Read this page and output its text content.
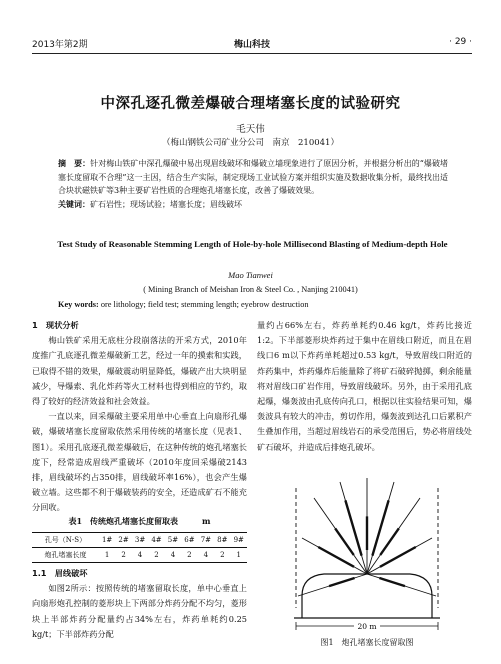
2013年第2期	梅山科技	· 29 ·
中深孔逐孔微差爆破合理堵塞长度的试验研究
毛天伟
（梅山钢铁公司矿业分公司　南京　210041）
摘　要：针对梅山铁矿中深孔爆破中易出现眉线破坏和爆破立墙现象进行了原因分析，并根据分析出的“爆破堵塞长度留取不合理”这一主因，结合生产实际，制定现场工业试验方案并组织实施及数据收集分析，最终找出适合块状磁铁矿等3种主要矿岩性质的合理炮孔堵塞长度，改善了爆破效果。
关键词：矿石岩性；现场试验；堵塞长度；眉线破坏
Test Study of Reasonable Stemming Length of Hole-by-hole Millisecond Blasting of Medium-depth Hole
Mao Tianwei
( Mining Branch of Meishan Iron & Steel Co. , Nanjing 210041)
Key words: ore lithology; field test; stemming length; eyebrow destruction

1　现状分析

梅山铁矿采用无底柱分段崩落法的开采方式，2010年度推广孔底逐孔微差爆破新工艺，经过一年的摸索和实践，已取得不错的效果，爆破震动明显降低，爆破产出大块明显减少，导爆索、乳化炸药等火工材料也得到相应的节约，取得了较好的经济效益和社会效益。

一直以来，回采爆破主要采用单中心垂直上向扇形孔爆破，爆破堵塞长度留取依然采用传统的堵塞长度（见表1、图1）。采用孔底逐孔微差爆破后，在这种传统的炮孔堵塞长度下，经常造成眉线严重破坏（2010年度回采爆破2143排，眉线破坏约占350排，眉线破坏率16%），也会产生爆破立墙。这些都不利于爆破装药的安全，还造成矿石不能充分回收。

表1　传统炮孔堵塞长度留取表　　　m
孔号（N-S）	1#	2#	3#	4#	5#	6#	7#	8#	9#
炮孔堵塞长度	1	2	4	2	4	2	4	2	1

1.1　眉线破坏

如图2所示：按照传统的堵塞留取长度，单中心垂直上向扇形炮孔控制的菱形块上下两部分炸药分配不均匀，菱形块上半部炸药分配量约占34%左右，炸药单耗约0.25 kg/t；下半部炸药分配

量约占66%左右，炸药单耗约0.46 kg/t，炸药比接近1:2。下半部菱形块炸药过于集中在眉线口附近，而且在眉线口6 m以下炸药单耗超过0.53 kg/t，导致眉线口附近的炸药集中，炸药爆炸后能量除了将矿石破碎抛掷，剩余能量将对眉线口矿岩作用，导致眉线破坏。另外，由于采用孔底起爆，爆轰波由孔底传向孔口，根据以往实验结果可知，爆轰波具有较大的冲击，剪切作用，爆轰波到达孔口后累积产生叠加作用，当超过眉线岩石的承受范围后，势必将眉线处矿石破坏，并造成后排炮孔破坏。

20 m
图1　炮孔堵塞长度留取图
